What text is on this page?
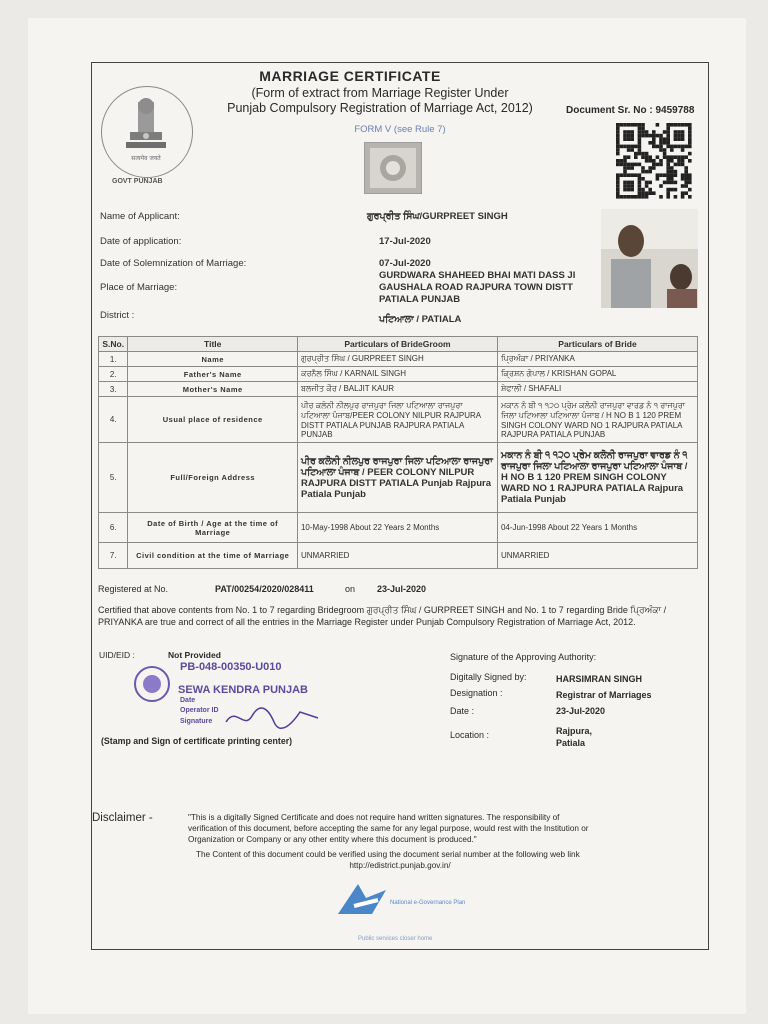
सत्यमेव जयते
GOVT PUNJAB
MARRIAGE CERTIFICATE
(Form of extract from Marriage Register Under
Punjab Compulsory Registration of Marriage Act, 2012)	Document Sr. No : 9459788
FORM V (see Rule 7)
Name of Applicant:	ਗੁਰਪ੍ਰੀਤ ਸਿੰਘ/GURPREET SINGH
Date of application:	17-Jul-2020
Date of Solemnization of Marriage:	07-Jul-2020
Place of Marriage:
GURDWARA SHAHEED BHAI MATI DASS JI
GAUSHALA ROAD RAJPURA TOWN DISTT
PATIALA PUNJAB
District :	ਪਟਿਆਲਾ / PATIALA
S.No.	Title	Particulars of BrideGroom	Particulars of Bride
1.	Name	ਗੁਰਪ੍ਰੀਤ ਸਿੰਘ / GURPREET SINGH	ਪ੍ਰਿਅੰਕਾ / PRIYANKA
2.	Father's Name	ਕਰਨੈਲ ਸਿੰਘ / KARNAIL SINGH	ਕ੍ਰਿਸ਼ਨ ਗੋਪਾਲ / KRISHAN GOPAL
3.	Mother's Name	ਬਲਜੀਤ ਕੌਰ / BALJIT KAUR	ਸ਼ੇਫਾਲੀ / SHAFALI
4.	Usual place of residence	ਪੀਰ ਕਲੋਨੀ ਨੀਲਪੁਰ ਰਾਜਪੁਰਾ ਜਿਲਾ ਪਟਿਆਲਾ ਰਾਜਪੁਰਾ ਪਟਿਆਲਾ ਪੰਜਾਬ/PEER COLONY NILPUR RAJPURA DISTT PATIALA PUNJAB RAJPURA PATIALA PUNJAB	ਮਕਾਨ ਨੰ ਬੀ ੧ ੧੨੦ ਪ੍ਰੇਮ ਕਲੋਨੀ ਰਾਜਪੁਰਾ ਵਾਰਡ ਨੰ ੧ ਰਾਜਪੁਰਾ ਜਿਲਾ ਪਟਿਆਲਾ ਪਟਿਆਲਾ ਪੰਜਾਬ / H NO B 1 120 PREM SINGH COLONY WARD NO 1 RAJPURA PATIALA RAJPURA PATIALA PUNJAB
5.	Full/Foreign Address	ਪੀਰ ਕਲੋਨੀ ਨੀਲਪੁਰ ਰਾਜਪੁਰਾ ਜਿਲਾ ਪਟਿਆਲਾ ਰਾਜਪੁਰਾ ਪਟਿਆਲਾ ਪੰਜਾਬ / PEER COLONY NILPUR RAJPURA DISTT PATIALA Punjab Rajpura Patiala Punjab	ਮਕਾਨ ਨੰ ਬੀ ੧ ੧੨੦ ਪ੍ਰੇਮ ਕਲੋਨੀ ਰਾਜਪੁਰਾ ਵਾਰਡ ਨੰ ੧ ਰਾਜਪੁਰਾ ਜਿਲਾ ਪਟਿਆਲਾ ਰਾਜਪੁਰਾ ਪਟਿਆਲਾ ਪੰਜਾਬ / H NO B 1 120 PREM SINGH COLONY WARD NO 1 RAJPURA PATIALA Rajpura Patiala Punjab
6.	Date of Birth / Age at the time of Marriage	10-May-1998 About 22 Years 2 Months	04-Jun-1998 About 22 Years 1 Months
7.	Civil condition at the time of Marriage	UNMARRIED	UNMARRIED
Registered at No.	PAT/00254/2020/028411	on 23-Jul-2020
Certified that above contents from No. 1 to 7 regarding Bridegroom ਗੁਰਪ੍ਰੀਤ ਸਿੰਘ / GURPREET SINGH and No. 1 to 7 regarding Bride ਪ੍ਰਿਅੰਕਾ / PRIYANKA are true and correct of all the entries in the Marriage Register under Punjab Compulsory Registration of Marriage Act, 2012.
UID/EID :	Not Provided
PB-048-00350-U010
SEWA KENDRA PUNJAB
Date
Operator ID
Signature
(Stamp and Sign of certificate printing center)
Signature of the Approving Authority:
Digitally Signed by:	HARSIMRAN SINGH
Designation :	Registrar of Marriages
Date :	23-Jul-2020
Location :	Rajpura,
Patiala
Disclaimer -	"This is a digitally Signed Certificate and does not require hand written signatures. The responsibility of
verification of this document, before accepting the same for any legal purpose, would rest with the Institution or
Organization or Company or any other entity where this document is produced."
The Content of this document could be verified using the document serial number at the following web link
http://edistrict.punjab.gov.in/
National e-Governance Plan
Public services closer home
